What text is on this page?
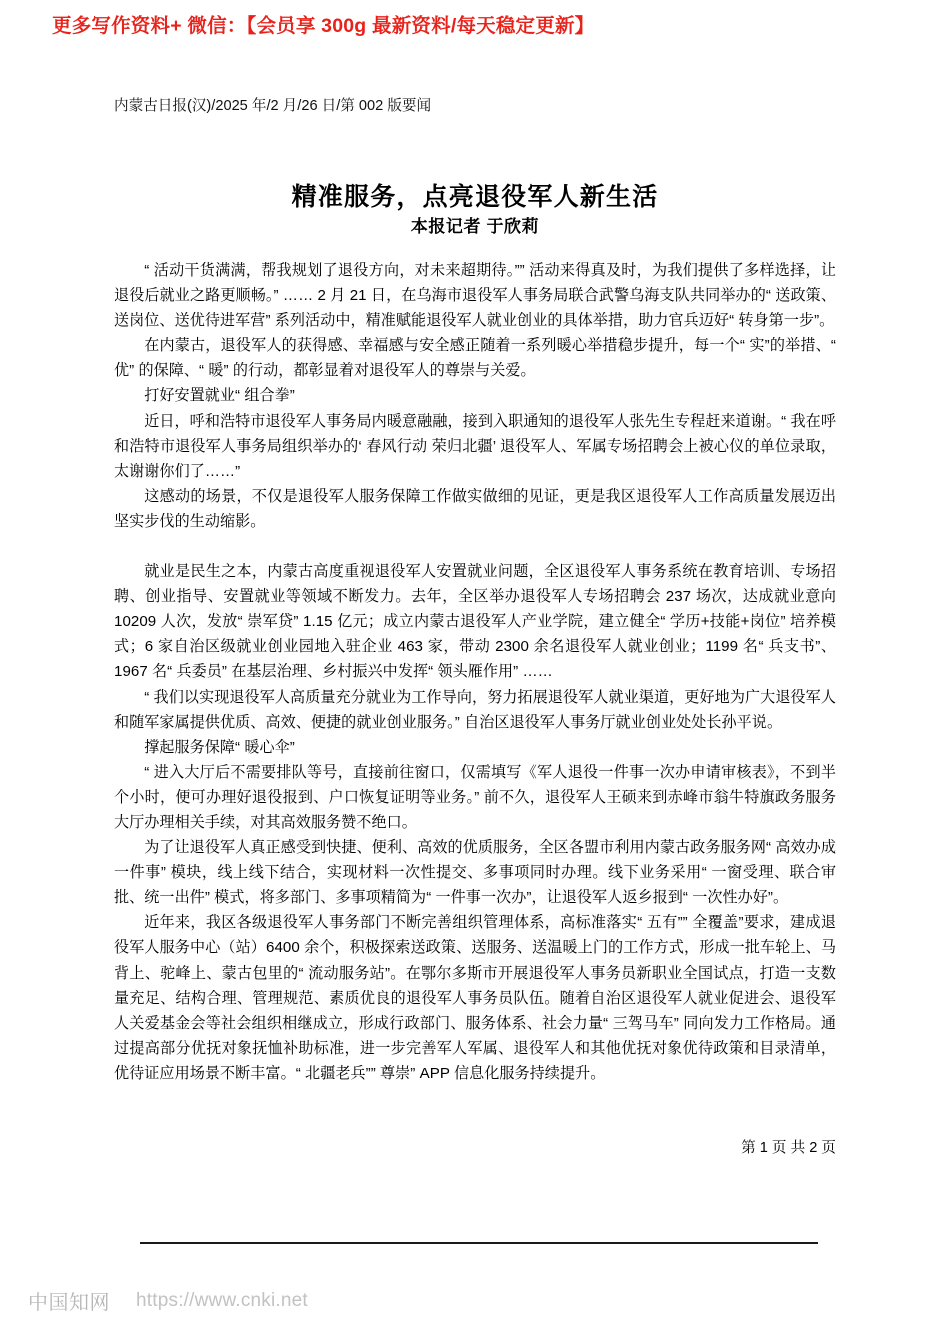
更多写作资料+ 微信：【会员享 300g 最新资料/每天稳定更新】
内蒙古日报(汉)/2025 年/2 月/26 日/第 002 版要闻
精准服务，点亮退役军人新生活
本报记者 于欣莉

“ 活动干货满满，帮我规划了退役方向，对未来超期待。”” 活动来得真及时，为我们提供了多样选择，让退役后就业之路更顺畅。” …… 2 月 21 日，在乌海市退役军人事务局联合武警乌海支队共同举办的“ 送政策、送岗位、送优待进军营” 系列活动中，精准赋能退役军人就业创业的具体举措，助力官兵迈好“ 转身第一步”。

在内蒙古，退役军人的获得感、幸福感与安全感正随着一系列暖心举措稳步提升，每一个“ 实”的举措、“ 优” 的保障、“ 暖” 的行动，都彰显着对退役军人的尊崇与关爱。

打好安置就业“ 组合拳”

近日，呼和浩特市退役军人事务局内暖意融融，接到入职通知的退役军人张先生专程赶来道谢。“ 我在呼和浩特市退役军人事务局组织举办的‘ 春风行动 荣归北疆’ 退役军人、军属专场招聘会上被心仪的单位录取，太谢谢你们了……”

这感动的场景，不仅是退役军人服务保障工作做实做细的见证，更是我区退役军人工作高质量发展迈出坚实步伐的生动缩影。

就业是民生之本，内蒙古高度重视退役军人安置就业问题，全区退役军人事务系统在教育培训、专场招聘、创业指导、安置就业等领域不断发力。去年，全区举办退役军人专场招聘会 237 场次，达成就业意向 10209 人次，发放“ 崇军贷” 1.15 亿元；成立内蒙古退役军人产业学院，建立健全“ 学历+技能+岗位” 培养模式；6 家自治区级就业创业园地入驻企业 463 家，带动 2300 余名退役军人就业创业；1199 名“ 兵支书”、1967 名“ 兵委员” 在基层治理、乡村振兴中发挥“ 领头雁作用” ……

“ 我们以实现退役军人高质量充分就业为工作导向，努力拓展退役军人就业渠道，更好地为广大退役军人和随军家属提供优质、高效、便捷的就业创业服务。” 自治区退役军人事务厅就业创业处处长孙平说。

撑起服务保障“ 暖心伞”

“ 进入大厅后不需要排队等号，直接前往窗口，仅需填写《军人退役一件事一次办申请审核表》，不到半个小时，便可办理好退役报到、户口恢复证明等业务。” 前不久，退役军人王硕来到赤峰市翁牛特旗政务服务大厅办理相关手续，对其高效服务赞不绝口。

为了让退役军人真正感受到快捷、便利、高效的优质服务，全区各盟市利用内蒙古政务服务网“ 高效办成一件事” 模块，线上线下结合，实现材料一次性提交、多事项同时办理。线下业务采用“ 一窗受理、联合审批、统一出件” 模式，将多部门、多事项精简为“ 一件事一次办”，让退役军人返乡报到“ 一次性办好”。

近年来，我区各级退役军人事务部门不断完善组织管理体系，高标准落实“ 五有”” 全覆盖”要求，建成退役军人服务中心（站）6400 余个，积极探索送政策、送服务、送温暖上门的工作方式，形成一批车轮上、马背上、驼峰上、蒙古包里的“ 流动服务站”。在鄂尔多斯市开展退役军人事务员新职业全国试点，打造一支数量充足、结构合理、管理规范、素质优良的退役军人事务员队伍。随着自治区退役军人就业促进会、退役军人关爱基金会等社会组织相继成立，形成行政部门、服务体系、社会力量“ 三驾马车” 同向发力工作格局。通过提高部分优抚对象抚恤补助标准，进一步完善军人军属、退役军人和其他优抚对象优待政策和目录清单，优待证应用场景不断丰富。“ 北疆老兵”” 尊崇” APP 信息化服务持续提升。

第 1 页 共 2 页
中国知网 https://www.cnki.net
